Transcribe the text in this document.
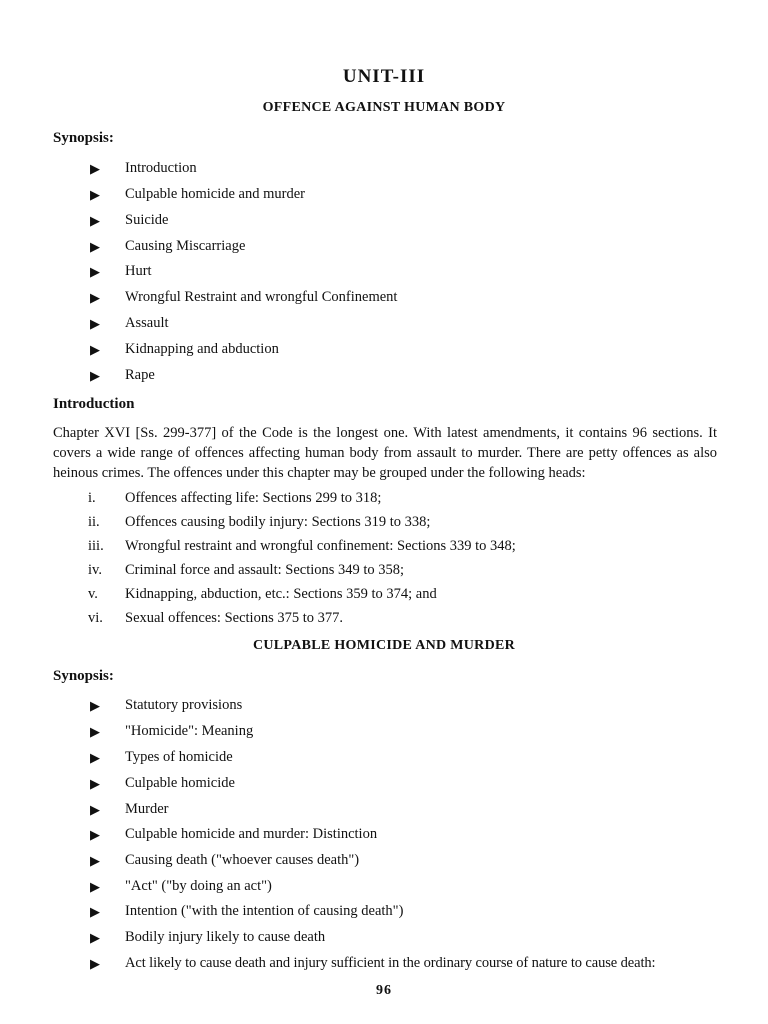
UNIT-III
OFFENCE AGAINST HUMAN BODY
Synopsis:
▶ Introduction
▶ Culpable homicide and murder
▶ Suicide
▶ Causing Miscarriage
▶ Hurt
▶ Wrongful Restraint and wrongful Confinement
▶ Assault
▶ Kidnapping and abduction
▶ Rape
Introduction

Chapter XVI [Ss. 299-377] of the Code is the longest one. With latest amendments, it contains 96 sections. It covers a wide range of offences affecting human body from assault to murder. There are petty offences as also heinous crimes. The offences under this chapter may be grouped under the following heads:

i.	Offences affecting life: Sections 299 to 318;
ii.	Offences causing bodily injury: Sections 319 to 338;
iii.	Wrongful restraint and wrongful confinement: Sections 339 to 348;
iv.	Criminal force and assault: Sections 349 to 358;
v.	Kidnapping, abduction, etc.: Sections 359 to 374; and
vi.	Sexual offences: Sections 375 to 377.
CULPABLE HOMICIDE AND MURDER
Synopsis:
▶ Statutory provisions
▶ "Homicide": Meaning
▶ Types of homicide
▶ Culpable homicide
▶ Murder
▶ Culpable homicide and murder: Distinction
▶ Causing death ("whoever causes death")
▶ "Act" ("by doing an act")
▶ Intention ("with the intention of causing death")
▶ Bodily injury likely to cause death
▶ Act likely to cause death and injury sufficient in the ordinary course of nature to cause death:
96
